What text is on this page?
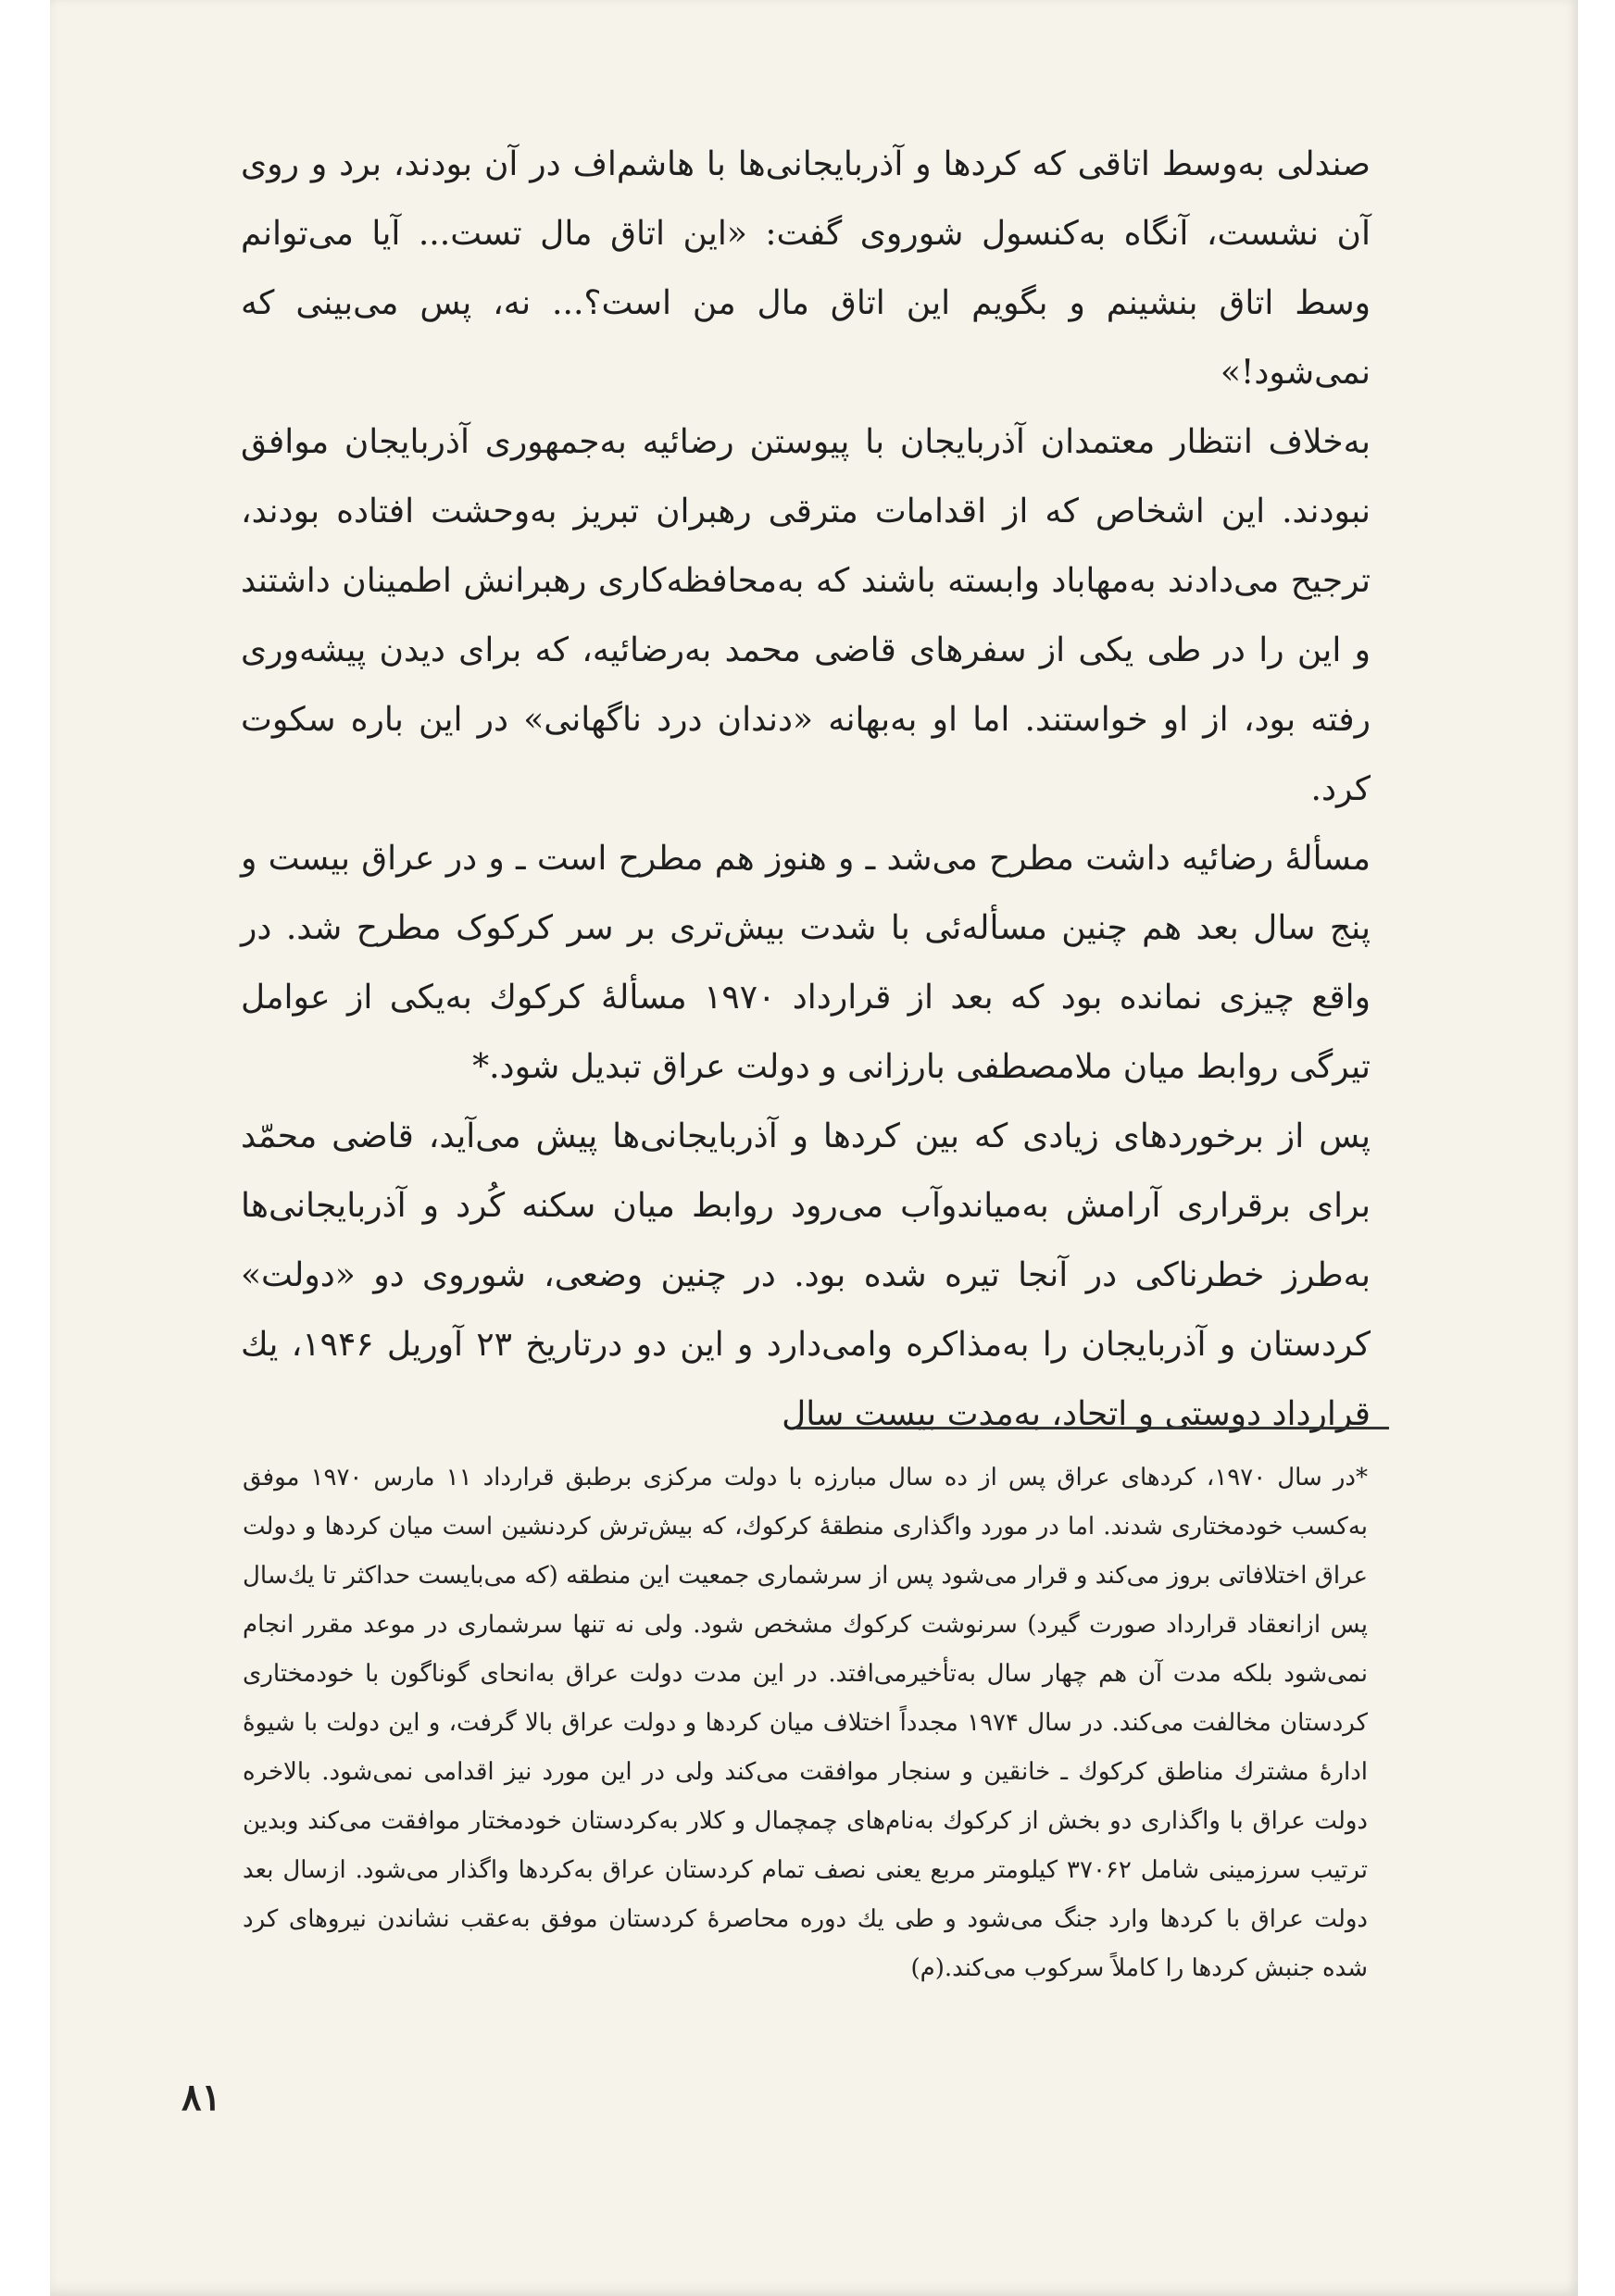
صندلی به‌وسط اتاقی که کردها و آذربایجانی‌ها با هاشم‌اف در آن بودند، برد و روی آن نشست، آنگاه به‌کنسول شوروی گفت: «این اتاق مال تست... آیا می‌توانم وسط اتاق بنشینم و بگویم این اتاق مال من است؟... نه، پس می‌بینی که نمی‌شود!»

به‌خلاف انتظار معتمدان آذربایجان با پیوستن رضائیه به‌جمهوری آذربایجان موافق نبودند. این اشخاص که از اقدامات مترقی رهبران تبریز به‌وحشت افتاده بودند، ترجیح می‌دادند به‌مهاباد وابسته باشند که به‌محافظه‌کاری رهبرانش اطمینان داشتند و این را در طی یکی از سفرهای قاضی محمد به‌رضائیه، که برای دیدن پیشه‌وری رفته بود، از او خواستند. اما او به‌بهانه «دندان درد ناگهانی» در این باره سکوت کرد.

مسألهٔ رضائیه داشت مطرح می‌شد ـ و هنوز هم مطرح است ـ و در عراق بیست و پنج سال بعد هم چنین مسأله‌ئی با شدت بیش‌تری بر سر کرکوک مطرح شد. در واقع چیزی نمانده بود که بعد از قرارداد ۱۹۷۰ مسألهٔ کرکوك به‌یکی از عوامل تیرگی روابط میان ملامصطفی بارزانی و دولت عراق تبدیل شود.*

پس از برخوردهای زیادی که بین کردها و آذربایجانی‌ها پیش می‌آید، قاضی محمّد برای برقراری آرامش به‌میاندوآب می‌رود روابط میان سکنه کُرد و آذربایجانی‌ها به‌طرز خطرناکی در آنجا تیره شده بود. در چنین وضعی، شوروی دو «دولت» کردستان و آذربایجان را به‌مذاکره وامی‌دارد و این دو درتاریخ ۲۳ آوریل ۱۹۴۶، یك قرارداد دوستی و اتحاد، به‌مدت بیست سال

*در سال ۱۹۷۰، کردهای عراق پس از ده سال مبارزه با دولت مرکزی برطبق قرارداد ۱۱ مارس ۱۹۷۰ موفق به‌کسب خودمختاری شدند. اما در مورد واگذاری منطقهٔ کرکوك، که بیش‌ترش کردنشین است میان کردها و دولت عراق اختلافاتی بروز می‌کند و قرار می‌شود پس از سرشماری جمعیت این منطقه (که می‌بایست حداکثر تا یك‌سال پس ازانعقاد قرارداد صورت گیرد) سرنوشت کرکوك مشخص شود. ولی نه تنها سرشماری در موعد مقرر انجام نمی‌شود بلکه مدت آن هم چهار سال به‌تأخیرمی‌افتد. در این مدت دولت عراق به‌انحای گوناگون با خودمختاری کردستان مخالفت می‌کند. در سال ۱۹۷۴ مجدداً اختلاف میان کردها و دولت عراق بالا گرفت، و این دولت با شیوهٔ ادارهٔ مشترك مناطق کرکوك ـ خانقین و سنجار موافقت می‌کند ولی در این مورد نیز اقدامی نمی‌شود. بالاخره دولت عراق با واگذاری دو بخش از کرکوك به‌نام‌های چمچمال و کلار به‌کردستان خودمختار موافقت می‌کند وبدین ترتیب سرزمینی شامل ۳۷۰۶۲ کیلومتر مربع یعنی نصف تمام کردستان عراق به‌کردها واگذار می‌شود. ازسال بعد دولت عراق با کردها وارد جنگ می‌شود و طی یك دوره محاصرهٔ کردستان موفق به‌عقب نشاندن نیروهای کرد شده جنبش کردها را کاملاً سرکوب می‌کند.(م)

۸۱
